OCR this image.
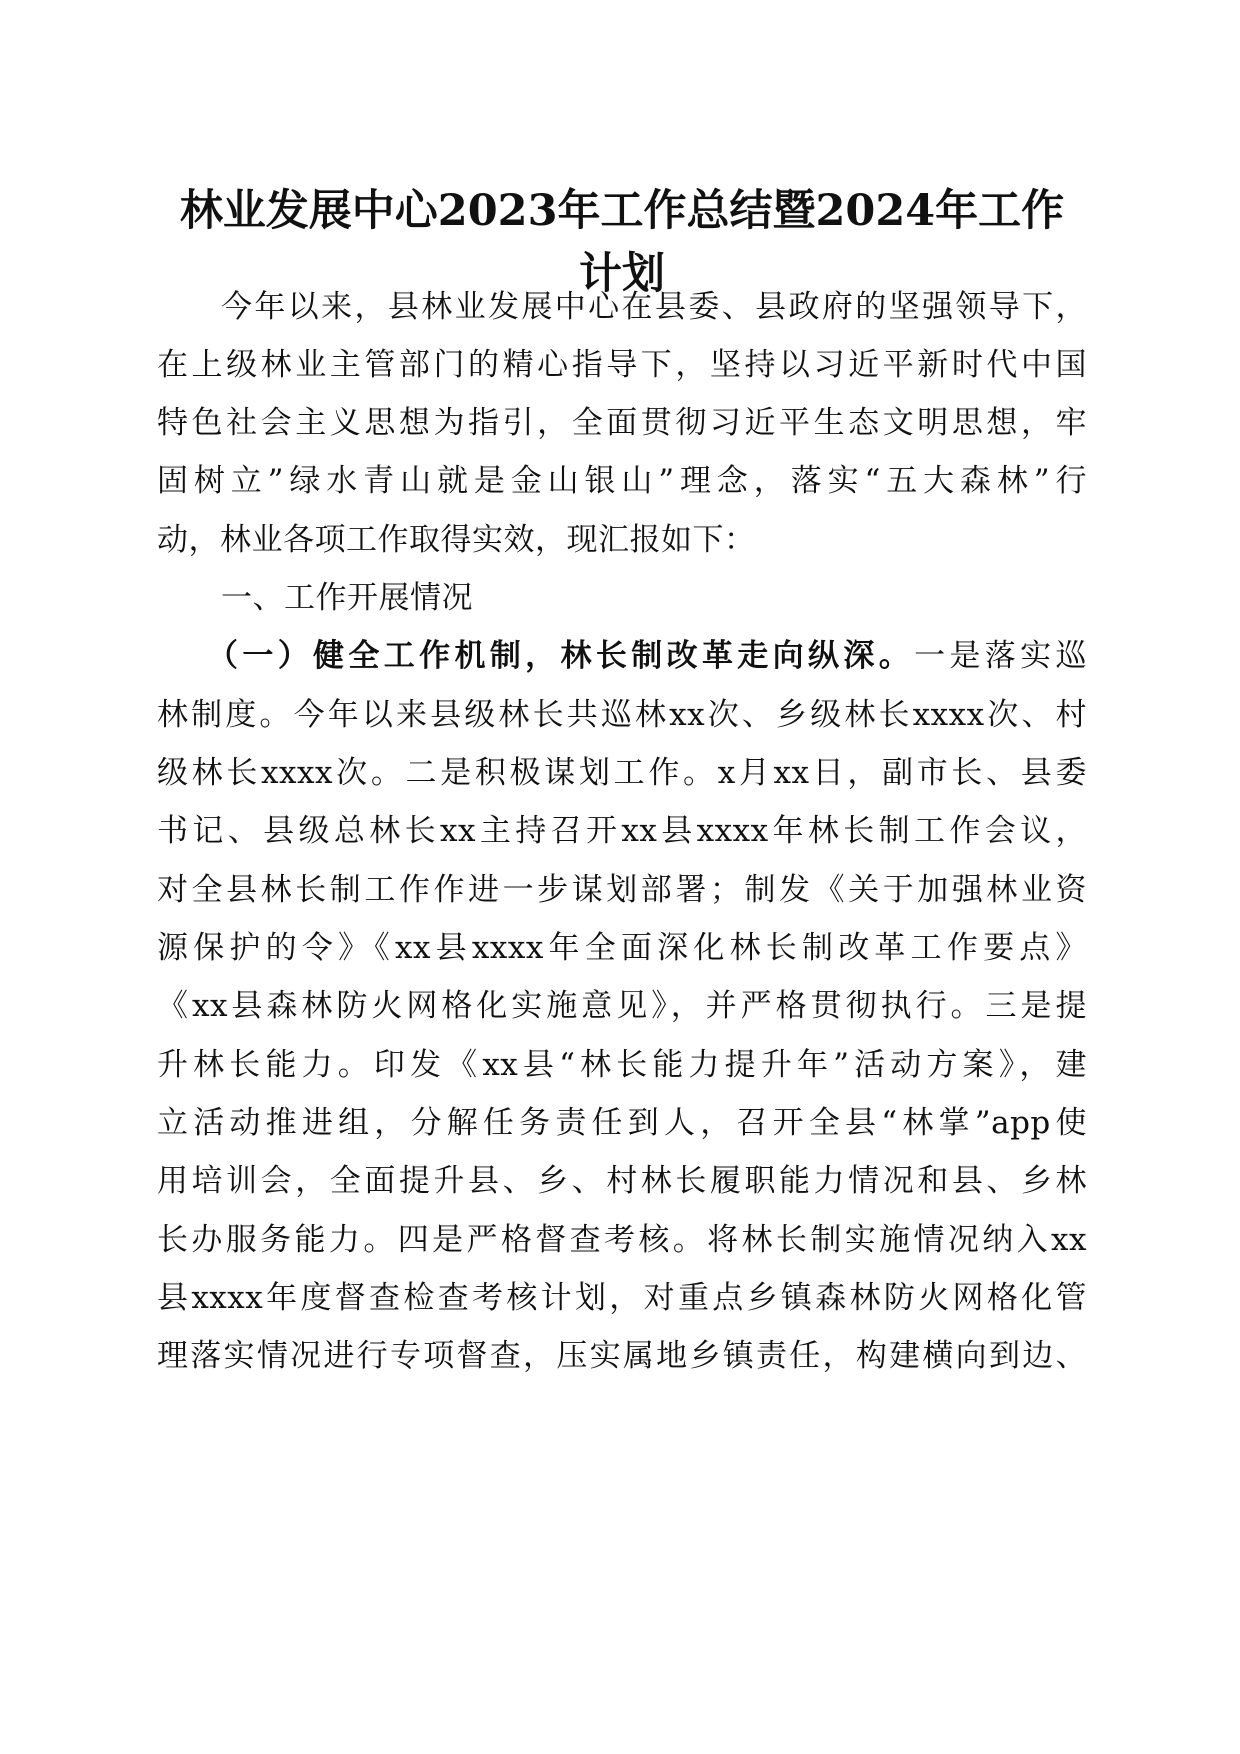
林业发展中心2023年工作总结暨2024年工作
计划
今年以来，县林业发展中心在县委、县政府的坚强领导下，
在上级林业主管部门的精心指导下，坚持以习近平新时代中国
特色社会主义思想为指引，全面贯彻习近平生态文明思想，牢
固树立”绿水青山就是金山银山”理念，落实“五大森林”行
动，林业各项工作取得实效，现汇报如下：
一、工作开展情况
（一）健全工作机制，林长制改革走向纵深。一是落实巡
林制度。今年以来县级林长共巡林xx次、乡级林长xxxx次、村
级林长xxxx次。二是积极谋划工作。x月xx日，副市长、县委
书记、县级总林长xx主持召开xx县xxxx年林长制工作会议，
对全县林长制工作作进一步谋划部署；制发《关于加强林业资
源保护的令》《xx县xxxx年全面深化林长制改革工作要点》
《xx县森林防火网格化实施意见》，并严格贯彻执行。三是提
升林长能力。印发《xx县“林长能力提升年”活动方案》，建
立活动推进组，分解任务责任到人，召开全县“林掌”app使
用培训会，全面提升县、乡、村林长履职能力情况和县、乡林
长办服务能力。四是严格督查考核。将林长制实施情况纳入xx
县xxxx年度督查检查考核计划，对重点乡镇森林防火网格化管
理落实情况进行专项督查，压实属地乡镇责任，构建横向到边、
